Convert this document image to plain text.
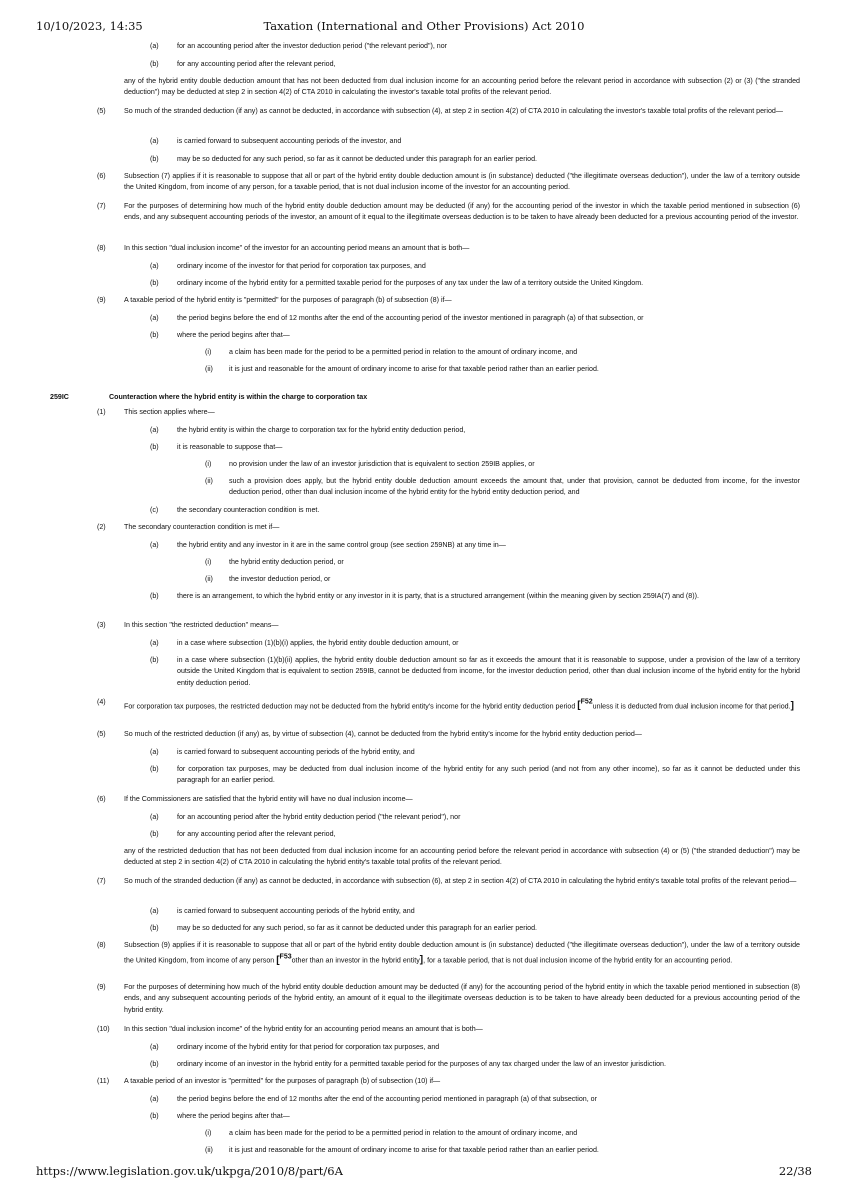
10/10/2023, 14:35	Taxation (International and Other Provisions) Act 2010
(a)	for an accounting period after the investor deduction period ("the relevant period"), nor
(b)	for any accounting period after the relevant period,
any of the hybrid entity double deduction amount that has not been deducted from dual inclusion income for an accounting period before the relevant period in accordance with subsection (2) or (3) ("the stranded deduction") may be deducted at step 2 in section 4(2) of CTA 2010 in calculating the investor's taxable total profits of the relevant period.
(5)	So much of the stranded deduction (if any) as cannot be deducted, in accordance with subsection (4), at step 2 in section 4(2) of CTA 2010 in calculating the investor's taxable total profits of the relevant period—
(a)	is carried forward to subsequent accounting periods of the investor, and
(b)	may be so deducted for any such period, so far as it cannot be deducted under this paragraph for an earlier period.
(6)	Subsection (7) applies if it is reasonable to suppose that all or part of the hybrid entity double deduction amount is (in substance) deducted ("the illegitimate overseas deduction"), under the law of a territory outside the United Kingdom, from income of any person, for a taxable period, that is not dual inclusion income of the investor for an accounting period.
(7)	For the purposes of determining how much of the hybrid entity double deduction amount may be deducted (if any) for the accounting period of the investor in which the taxable period mentioned in subsection (6) ends, and any subsequent accounting periods of the investor, an amount of it equal to the illegitimate overseas deduction is to be taken to have already been deducted for a previous accounting period of the investor.
(8)	In this section "dual inclusion income" of the investor for an accounting period means an amount that is both—
(a)	ordinary income of the investor for that period for corporation tax purposes, and
(b)	ordinary income of the hybrid entity for a permitted taxable period for the purposes of any tax under the law of a territory outside the United Kingdom.
(9)	A taxable period of the hybrid entity is "permitted" for the purposes of paragraph (b) of subsection (8) if—
(a)	the period begins before the end of 12 months after the end of the accounting period of the investor mentioned in paragraph (a) of that subsection, or
(b)	where the period begins after that—
(i) a claim has been made for the period to be a permitted period in relation to the amount of ordinary income, and
(ii) it is just and reasonable for the amount of ordinary income to arise for that taxable period rather than an earlier period.
259IC	Counteraction where the hybrid entity is within the charge to corporation tax
(1)	This section applies where—
(a)	the hybrid entity is within the charge to corporation tax for the hybrid entity deduction period,
(b)	it is reasonable to suppose that—
(i) no provision under the law of an investor jurisdiction that is equivalent to section 259IB applies, or
(ii) such a provision does apply, but the hybrid entity double deduction amount exceeds the amount that, under that provision, cannot be deducted from income, for the investor deduction period, other than dual inclusion income of the hybrid entity for the hybrid entity deduction period, and
(c)	the secondary counteraction condition is met.
(2)	The secondary counteraction condition is met if—
(a)	the hybrid entity and any investor in it are in the same control group (see section 259NB) at any time in—
(i) the hybrid entity deduction period, or
(ii) the investor deduction period, or
(b)	there is an arrangement, to which the hybrid entity or any investor in it is party, that is a structured arrangement (within the meaning given by section 259IA(7) and (8)).
(3)	In this section "the restricted deduction" means—
(a)	in a case where subsection (1)(b)(i) applies, the hybrid entity double deduction amount, or
(b)	in a case where subsection (1)(b)(ii) applies, the hybrid entity double deduction amount so far as it exceeds the amount that it is reasonable to suppose, under a provision of the law of a territory outside the United Kingdom that is equivalent to section 259IB, cannot be deducted from income, for the investor deduction period, other than dual inclusion income of the hybrid entity for the hybrid entity deduction period.
(4)
For corporation tax purposes, the restricted deduction may not be deducted from the hybrid entity's income for the hybrid entity deduction period [$^{F52}$unless it is deducted from dual inclusion income for that period.]
(5)	So much of the restricted deduction (if any) as, by virtue of subsection (4), cannot be deducted from the hybrid entity's income for the hybrid entity deduction period—
(a)	is carried forward to subsequent accounting periods of the hybrid entity, and
(b)	for corporation tax purposes, may be deducted from dual inclusion income of the hybrid entity for any such period (and not from any other income), so far as it cannot be deducted under this paragraph for an earlier period.
(6)	If the Commissioners are satisfied that the hybrid entity will have no dual inclusion income—
(a)	for an accounting period after the hybrid entity deduction period ("the relevant period"), nor
(b)	for any accounting period after the relevant period,
any of the restricted deduction that has not been deducted from dual inclusion income for an accounting period before the relevant period in accordance with subsection (4) or (5) ("the stranded deduction") may be deducted at step 2 in section 4(2) of CTA 2010 in calculating the hybrid entity's taxable total profits of the relevant period.
(7)	So much of the stranded deduction (if any) as cannot be deducted, in accordance with subsection (6), at step 2 in section 4(2) of CTA 2010 in calculating the hybrid entity's taxable total profits of the relevant period—
(a)	is carried forward to subsequent accounting periods of the hybrid entity, and
(b)	may be so deducted for any such period, so far as it cannot be deducted under this paragraph for an earlier period.
(8)	Subsection (9) applies if it is reasonable to suppose that all or part of the hybrid entity double deduction amount is (in substance) deducted ("the illegitimate overseas deduction"), under the law of a territory outside the United Kingdom, from income of any person [$^{F53}$other than an investor in the hybrid entity], for a taxable period, that is not dual inclusion income of the hybrid entity for an accounting period.
(9)	For the purposes of determining how much of the hybrid entity double deduction amount may be deducted (if any) for the accounting period of the hybrid entity in which the taxable period mentioned in subsection (8) ends, and any subsequent accounting periods of the hybrid entity, an amount of it equal to the illegitimate overseas deduction is to be taken to have already been deducted for a previous accounting period of the hybrid entity.
(10) In this section "dual inclusion income" of the hybrid entity for an accounting period means an amount that is both—
(a)	ordinary income of the hybrid entity for that period for corporation tax purposes, and
(b)	ordinary income of an investor in the hybrid entity for a permitted taxable period for the purposes of any tax charged under the law of an investor jurisdiction.
(11) A taxable period of an investor is "permitted" for the purposes of paragraph (b) of subsection (10) if—
(a)	the period begins before the end of 12 months after the end of the accounting period mentioned in paragraph (a) of that subsection, or
(b)	where the period begins after that—
(i) a claim has been made for the period to be a permitted period in relation to the amount of ordinary income, and
(ii) it is just and reasonable for the amount of ordinary income to arise for that taxable period rather than an earlier period.
https://www.legislation.gov.uk/ukpga/2010/8/part/6A	22/38
